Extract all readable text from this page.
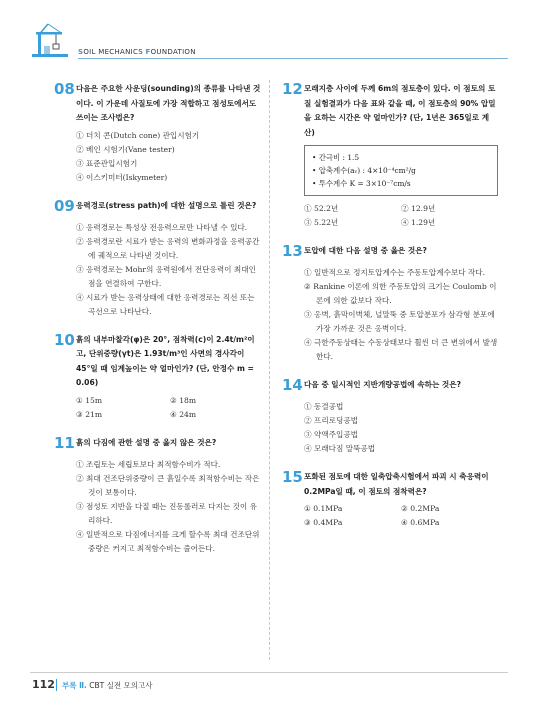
SOIL MECHANICS FOUNDATION
08다음은 주요한 사운딩(sounding)의 종류를 나타낸 것이다. 이 가운데 사질토에 가장 적합하고 점성토에서도 쓰이는 조사법은?
① 더치 콘(Dutch cone) 관입시험기
② 베인 시험기(Vane tester)
③ 표준관입시험기
④ 이스키미터(Iskymeter)
09응력경로(stress path)에 대한 설명으로 틀린 것은?
① 응력경로는 특성상 전응력으로만 나타낼 수 있다.
② 응력경로란 시료가 받는 응력의 변화과정을 응력공간에 궤적으로 나타낸 것이다.
③ 응력경로는 Mohr의 응력원에서 전단응력이 최대인 점을 연결하여 구한다.
④ 시료가 받는 응력상태에 대한 응력경로는 직선 또는 곡선으로 나타난다.
10흙의 내부마찰각(φ)은 20°, 점착력(c)이 2.4t/m²이고, 단위중량(γt)은 1.93t/m³인 사면의 경사각이 45°일 때 임계높이는 약 얼마인가? (단, 안정수 m = 0.06)
① 15m	② 18m
③ 21m	④ 24m
11흙의 다짐에 관한 설명 중 옳지 않은 것은?
① 조립토는 세립토보다 최적함수비가 적다.
② 최대 건조단위중량이 큰 흙일수록 최적함수비는 작은 것이 보통이다.
③ 점성토 지반을 다질 때는 진동롤러로 다지는 것이 유리하다.
④ 일반적으로 다짐에너지를 크게 할수록 최대 건조단위중량은 커지고 최적함수비는 줄어든다.
12모래지층 사이에 두께 6m의 점토층이 있다. 이 점토의 토질 실험결과가 다음 표와 같을 때, 이 점토층의 90% 압밀을 요하는 시간은 약 얼마인가? (단, 1년은 365일로 계산)
• 간극비 : 1.5
• 압축계수(aᵥ) : 4×10⁻⁴cm²/g
• 투수계수 K = 3×10⁻⁷cm/s
① 52.2년	② 12.9년
③ 5.22년	④ 1.29년
13토압에 대한 다음 설명 중 옳은 것은?
① 일반적으로 정지토압계수는 주동토압계수보다 작다.
② Rankine 이론에 의한 주동토압의 크기는 Coulomb 이론에 의한 값보다 작다.
③ 옹벽, 흙막이벽체, 널말뚝 중 토압분포가 삼각형 분포에 가장 가까운 것은 옹벽이다.
④ 극한주동상태는 수동상태보다 휠씬 더 큰 변위에서 발생한다.
14다음 중 일시적인 지반개량공법에 속하는 것은?
① 동결공법
② 프리로딩공법
③ 약액주입공법
④ 모래다짐 말뚝공법
15포화된 점토에 대한 일축압축시험에서 파괴 시 축응력이 0.2MPa일 때, 이 점토의 점착력은?
① 0.1MPa	② 0.2MPa
③ 0.4MPa	④ 0.6MPa
112 부록 Ⅱ. CBT 실전 모의고사
